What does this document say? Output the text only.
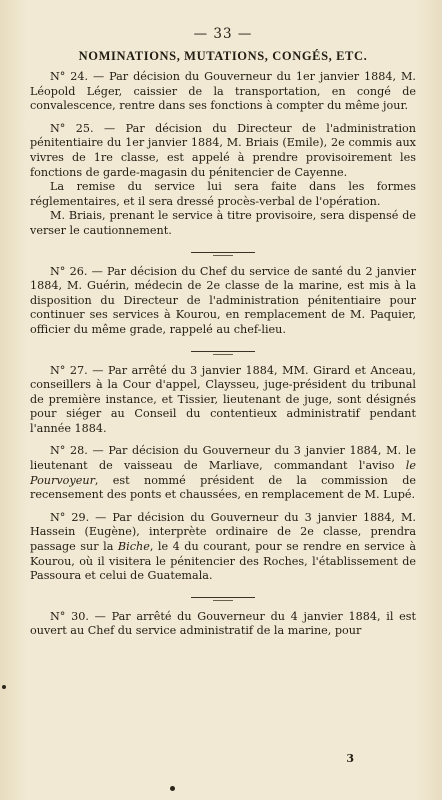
— 33 —
NOMINATIONS, MUTATIONS, CONGÉS, ETC.

N° 24. — Par décision du Gouverneur du 1er janvier 1884, M. Léopold Léger, caissier de la transportation, en congé de convalescence, rentre dans ses fonctions à compter du même jour.

N° 25. — Par décision du Directeur de l'administration pénitentiaire du 1er janvier 1884, M. Briais (Emile), 2e commis aux vivres de 1re classe, est appelé à prendre provisoirement les fonctions de garde-magasin du pénitencier de Cayenne.

La remise du service lui sera faite dans les formes réglementaires, et il sera dressé procès-verbal de l'opération.

M. Briais, prenant le service à titre provisoire, sera dispensé de verser le cautionnement.

N° 26. — Par décision du Chef du service de santé du 2 janvier 1884, M. Guérin, médecin de 2e classe de la marine, est mis à la disposition du Directeur de l'administration pénitentiaire pour continuer ses services à Kourou, en remplacement de M. Paquier, officier du même grade, rappelé au chef-lieu.

N° 27. — Par arrêté du 3 janvier 1884, MM. Girard et Anceau, conseillers à la Cour d'appel, Claysseu, juge-président du tribunal de première instance, et Tissier, lieutenant de juge, sont désignés pour siéger au Conseil du contentieux administratif pendant l'année 1884.

N° 28. — Par décision du Gouverneur du 3 janvier 1884, M. le lieutenant de vaisseau de Marliave, commandant l'aviso le Pourvoyeur, est nommé président de la commission de recensement des ponts et chaussées, en remplacement de M. Lupé.

N° 29. — Par décision du Gouverneur du 3 janvier 1884, M. Hassein (Eugène), interprète ordinaire de 2e classe, prendra passage sur la Biche, le 4 du courant, pour se rendre en service à Kourou, où il visitera le pénitencier des Roches, l'établissement de Passoura et celui de Guatemala.

N° 30. — Par arrêté du Gouverneur du 4 janvier 1884, il est ouvert au Chef du service administratif de la marine, pour

3
